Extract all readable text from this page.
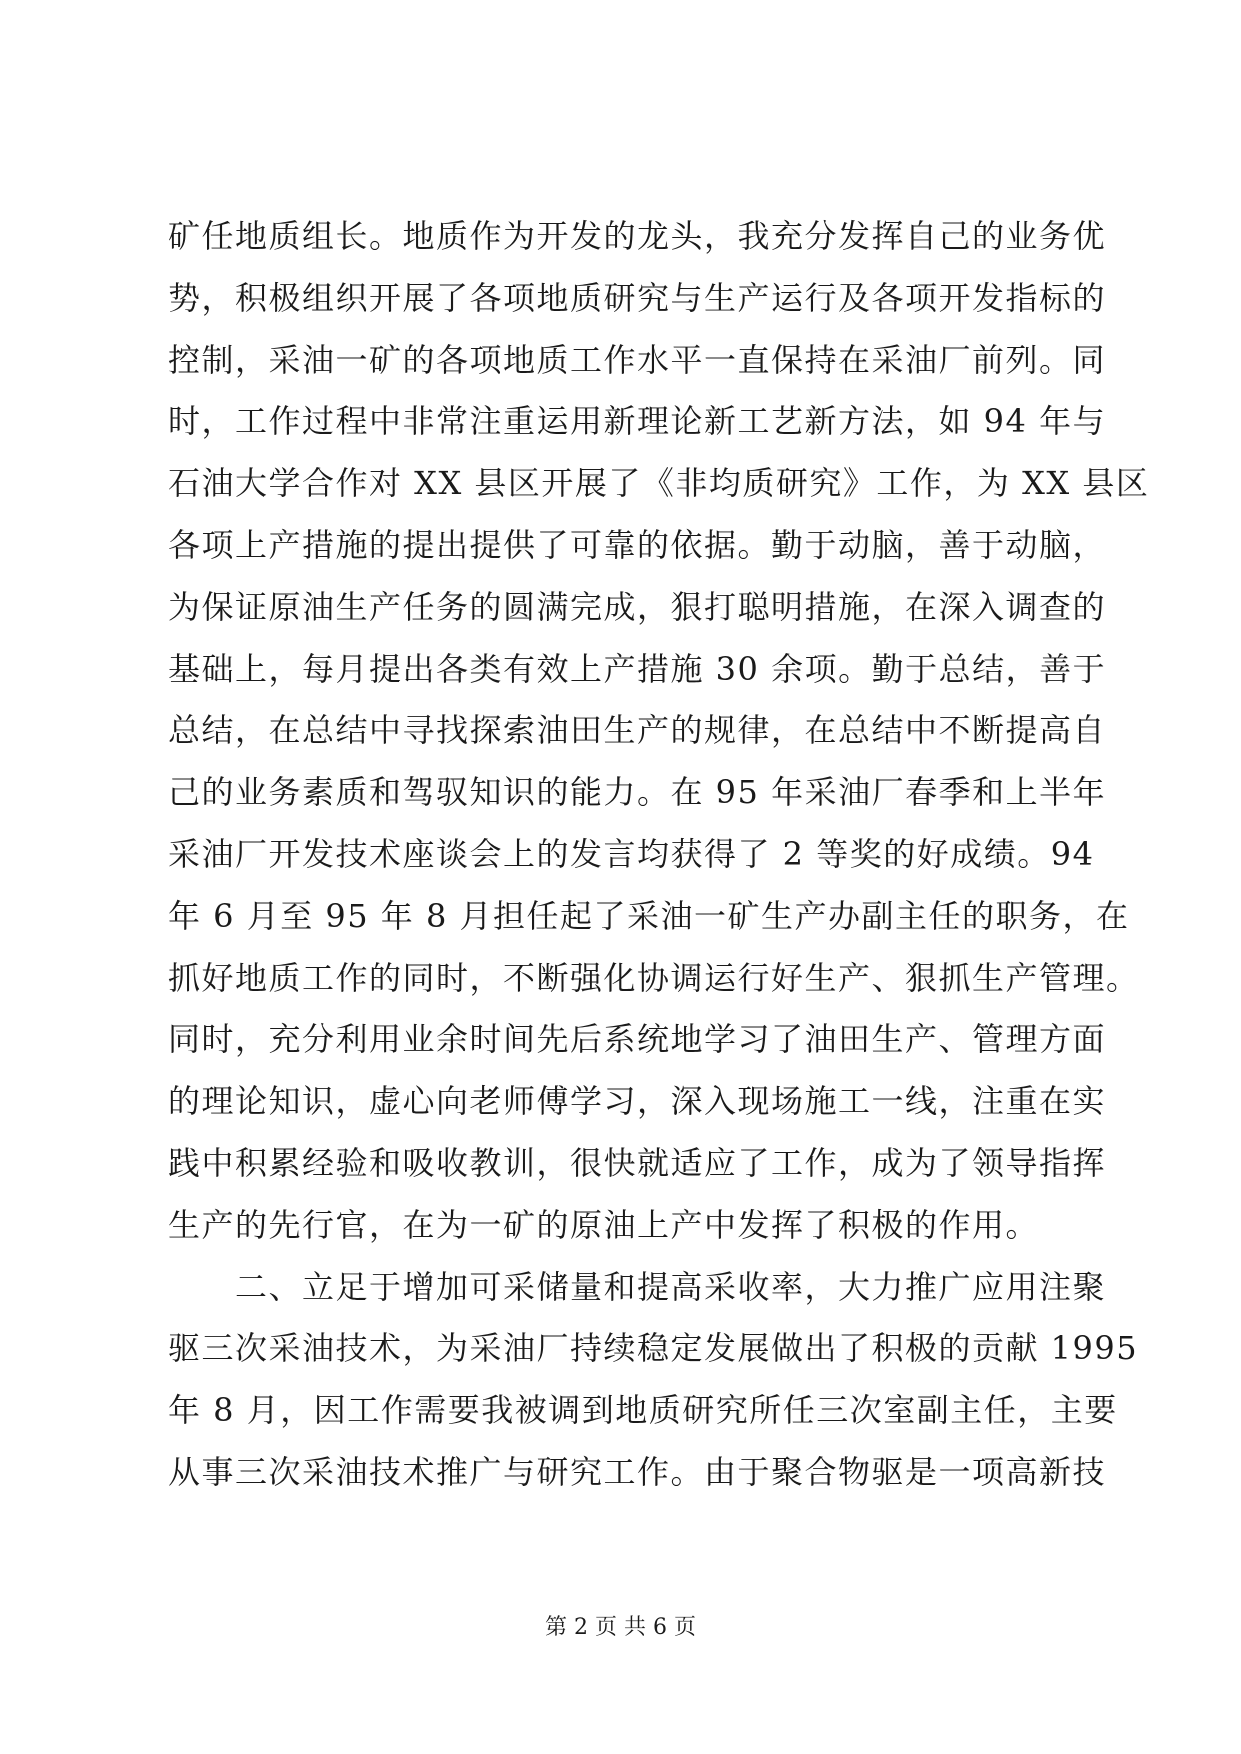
矿任地质组长。地质作为开发的龙头，我充分发挥自己的业务优
势，积极组织开展了各项地质研究与生产运行及各项开发指标的
控制，采油一矿的各项地质工作水平一直保持在采油厂前列。同
时，工作过程中非常注重运用新理论新工艺新方法，如 94 年与
石油大学合作对 XX 县区开展了《非均质研究》工作，为 XX 县区
各项上产措施的提出提供了可靠的依据。勤于动脑，善于动脑，
为保证原油生产任务的圆满完成，狠打聪明措施，在深入调查的
基础上，每月提出各类有效上产措施 30 余项。勤于总结，善于
总结，在总结中寻找探索油田生产的规律，在总结中不断提高自
己的业务素质和驾驭知识的能力。在 95 年采油厂春季和上半年
采油厂开发技术座谈会上的发言均获得了 2 等奖的好成绩。94
年 6 月至 95 年 8 月担任起了采油一矿生产办副主任的职务，在
抓好地质工作的同时，不断强化协调运行好生产、狠抓生产管理。
同时，充分利用业余时间先后系统地学习了油田生产、管理方面
的理论知识，虚心向老师傅学习，深入现场施工一线，注重在实
践中积累经验和吸收教训，很快就适应了工作，成为了领导指挥
生产的先行官，在为一矿的原油上产中发挥了积极的作用。
　　二、立足于增加可采储量和提高采收率，大力推广应用注聚
驱三次采油技术，为采油厂持续稳定发展做出了积极的贡献 1995
年 8 月，因工作需要我被调到地质研究所任三次室副主任，主要
从事三次采油技术推广与研究工作。由于聚合物驱是一项高新技
第 2 页 共 6 页
